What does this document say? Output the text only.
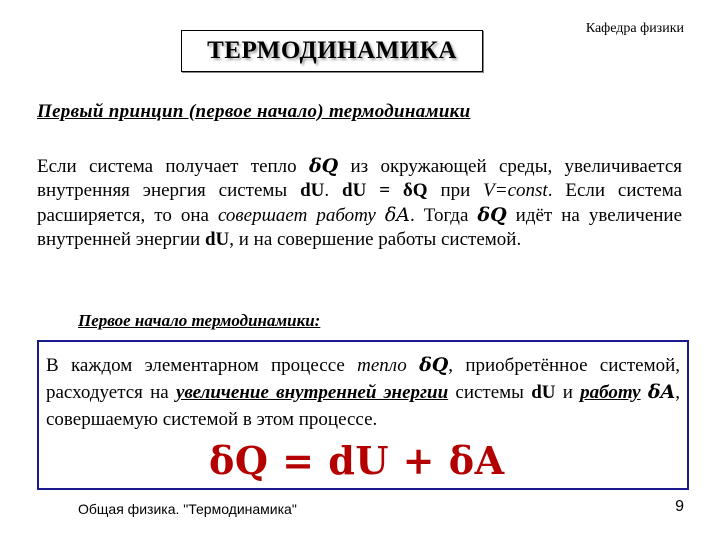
ТЕРМОДИНАМИКА
Кафедра физики
Первый принцип (первое начало) термодинамики
Если система получает тепло δQ из окружающей среды, увеличивается внутренняя энергия системы dU. dU = δQ при V=const. Если система расширяется, то она совершает работу δA. Тогда δQ идёт на увеличение внутренней энергии dU, и на совершение работы системой.
Первое начало термодинамики:
В каждом элементарном процессе тепло δQ, приобретённое системой, расходуется на увеличение внутренней энергии системы dU и работу δA, совершаемую системой в этом процессе.
δQ = dU + δA
Общая физика. "Термодинамика"	9
